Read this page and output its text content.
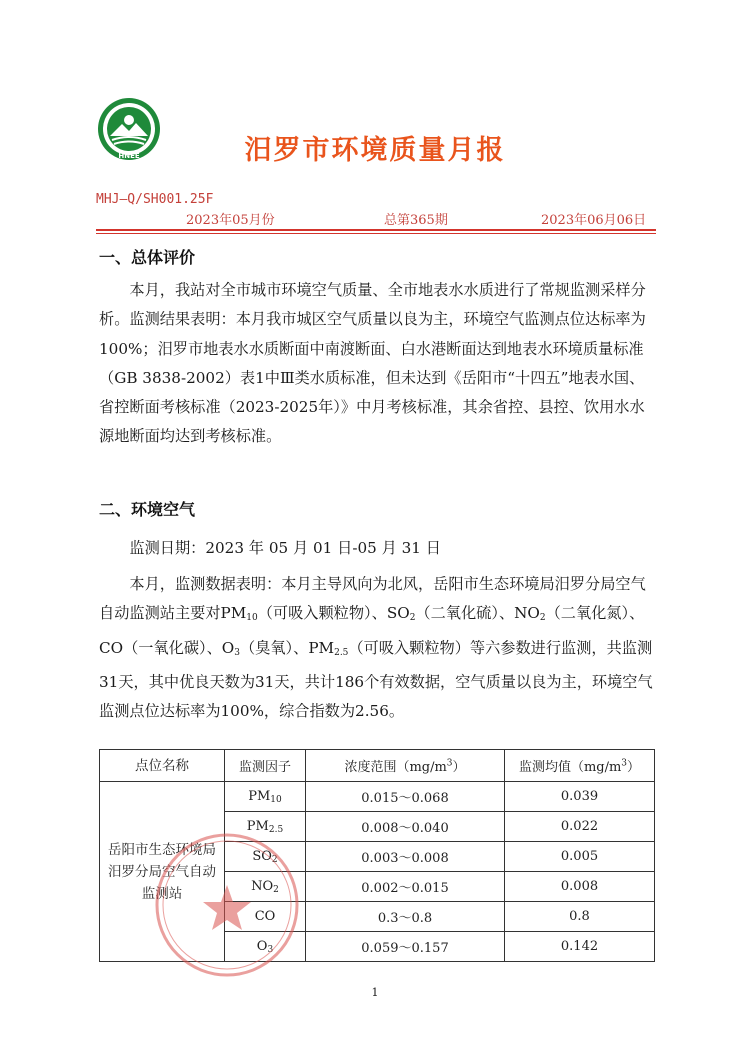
HNEE	汨罗市环境质量月报
MHJ—Q/SH001.25F
2023年05月份	总第365期	2023年06月06日
一、总体评价

本月，我站对全市城市环境空气质量、全市地表水水质进行了常规监测采样分析。监测结果表明：本月我市城区空气质量以良为主，环境空气监测点位达标率为100%；汨罗市地表水水质断面中南渡断面、白水港断面达到地表水环境质量标准（GB 3838-2002）表1中Ⅲ类水质标准，但未达到《岳阳市“十四五”地表水国、省控断面考核标准（2023-2025年）》中月考核标准，其余省控、县控、饮用水水源地断面均达到考核标准。

二、环境空气

监测日期：2023 年 05 月 01 日-05 月 31 日

本月，监测数据表明：本月主导风向为北风，岳阳市生态环境局汨罗分局空气自动监测站主要对$PM_{10}$（可吸入颗粒物）、$SO_2$（二氧化硫）、$NO_2$（二氧化氮）、CO（一氧化碳）、$O_3$（臭氧）、$PM_{2.5}$（可吸入颗粒物）等六参数进行监测，共监测31天，其中优良天数为31天，共计186个有效数据，空气质量以良为主，环境空气监测点位达标率为100%，综合指数为2.56。

点位名称	监测因子	浓度范围$(mg/m^3)$	监测均值$(mg/m^3)$
岳阳市生态环境局汨罗分局空气自动监测站	$PM_{10}$	0.015～0.068	0.039
	$PM_{2.5}$	0.008～0.040	0.022
	$SO_2$	0.003～0.008	0.005
	$NO_2$	0.002～0.015	0.008
	CO	0.3～0.8	0.8
	$O_3$	0.059～0.157	0.142
1
